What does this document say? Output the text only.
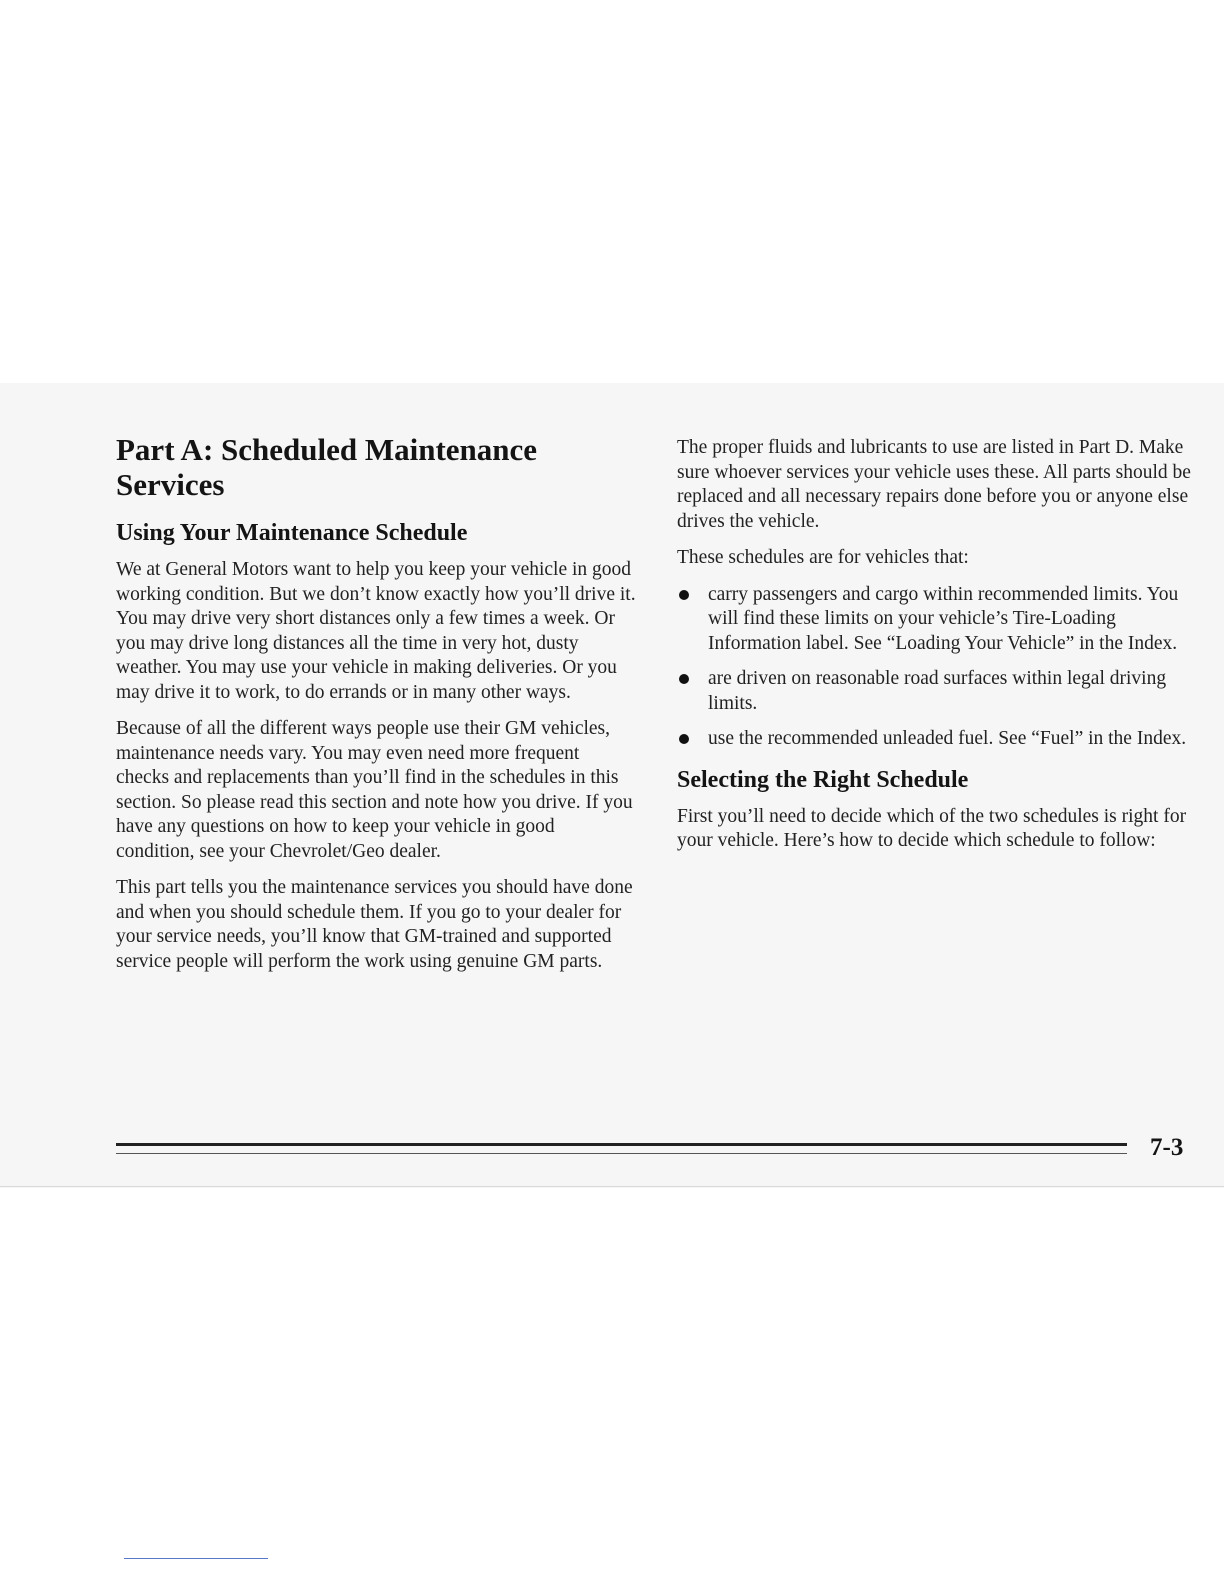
Part A: Scheduled Maintenance Services
Using Your Maintenance Schedule

We at General Motors want to help you keep your vehicle in good working condition. But we don’t know exactly how you’ll drive it. You may drive very short distances only a few times a week. Or you may drive long distances all the time in very hot, dusty weather. You may use your vehicle in making deliveries. Or you may drive it to work, to do errands or in many other ways.

Because of all the different ways people use their GM vehicles, maintenance needs vary. You may even need more frequent checks and replacements than you’ll find in the schedules in this section. So please read this section and note how you drive. If you have any questions on how to keep your vehicle in good condition, see your Chevrolet/Geo dealer.

This part tells you the maintenance services you should have done and when you should schedule them. If you go to your dealer for your service needs, you’ll know that GM-trained and supported service people will perform the work using genuine GM parts.

The proper fluids and lubricants to use are listed in Part D. Make sure whoever services your vehicle uses these. All parts should be replaced and all necessary repairs done before you or anyone else drives the vehicle.

These schedules are for vehicles that:

carry passengers and cargo within recommended limits. You will find these limits on your vehicle’s Tire-Loading Information label. See “Loading Your Vehicle” in the Index.
are driven on reasonable road surfaces within legal driving limits.
use the recommended unleaded fuel. See “Fuel” in the Index.
Selecting the Right Schedule

First you’ll need to decide which of the two schedules is right for your vehicle. Here’s how to decide which schedule to follow:

7-3
